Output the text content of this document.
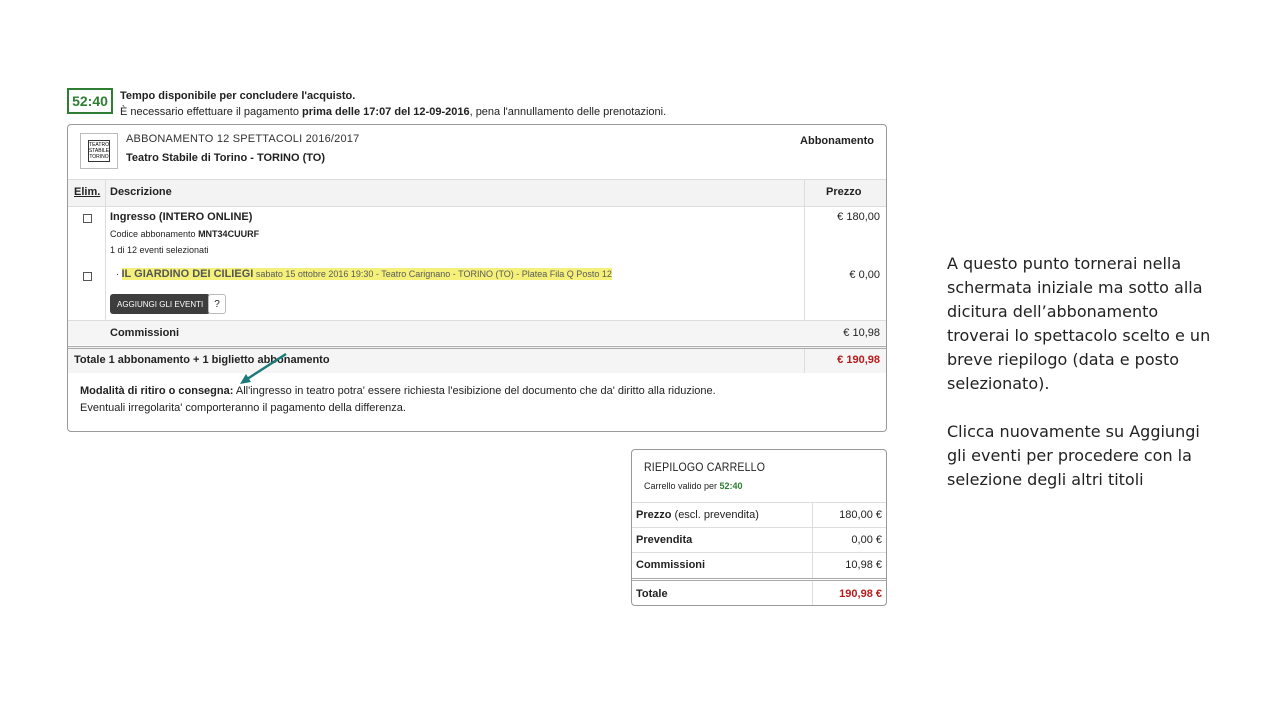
52:40	Tempo disponibile per concludere l'acquisto.
È necessario effettuare il pagamento prima delle 17:07 del 12-09-2016, pena l'annullamento delle prenotazioni.
TEATRO STABILE TORINO
ABBONAMENTO 12 SPETTACOLI 2016/2017
Teatro Stabile di Torino - TORINO (TO)
Abbonamento
Elim. Descrizione	Prezzo
Ingresso (INTERO ONLINE)
Codice abbonamento MNT34CUURF
1 di 12 eventi selezionati
€ 180,00
· IL GIARDINO DEI CILIEGI sabato 15 ottobre 2016 19:30 - Teatro Carignano - TORINO (TO) - Platea Fila Q Posto 12	€ 0,00
AGGIUNGI GLI EVENTI	?
Commissioni	€ 10,98
Totale 1 abbonamento + 1 biglietto abbonamento	€ 190,98
Modalità di ritiro o consegna: All'ingresso in teatro potra' essere richiesta l'esibizione del documento che da' diritto alla riduzione.
Eventuali irregolarita' comporteranno il pagamento della differenza.
RIEPILOGO CARRELLO
Carrello valido per 52:40
Prezzo (escl. prevendita)	180,00 €
Prevendita	0,00 €
Commissioni	10,98 €
Totale	190,98 €

A questo punto tornerai nella schermata iniziale ma sotto alla dicitura dell’abbonamento troverai lo spettacolo scelto e un breve riepilogo (data e posto selezionato).

Clicca nuovamente su Aggiungi gli eventi per procedere con la selezione degli altri titoli
